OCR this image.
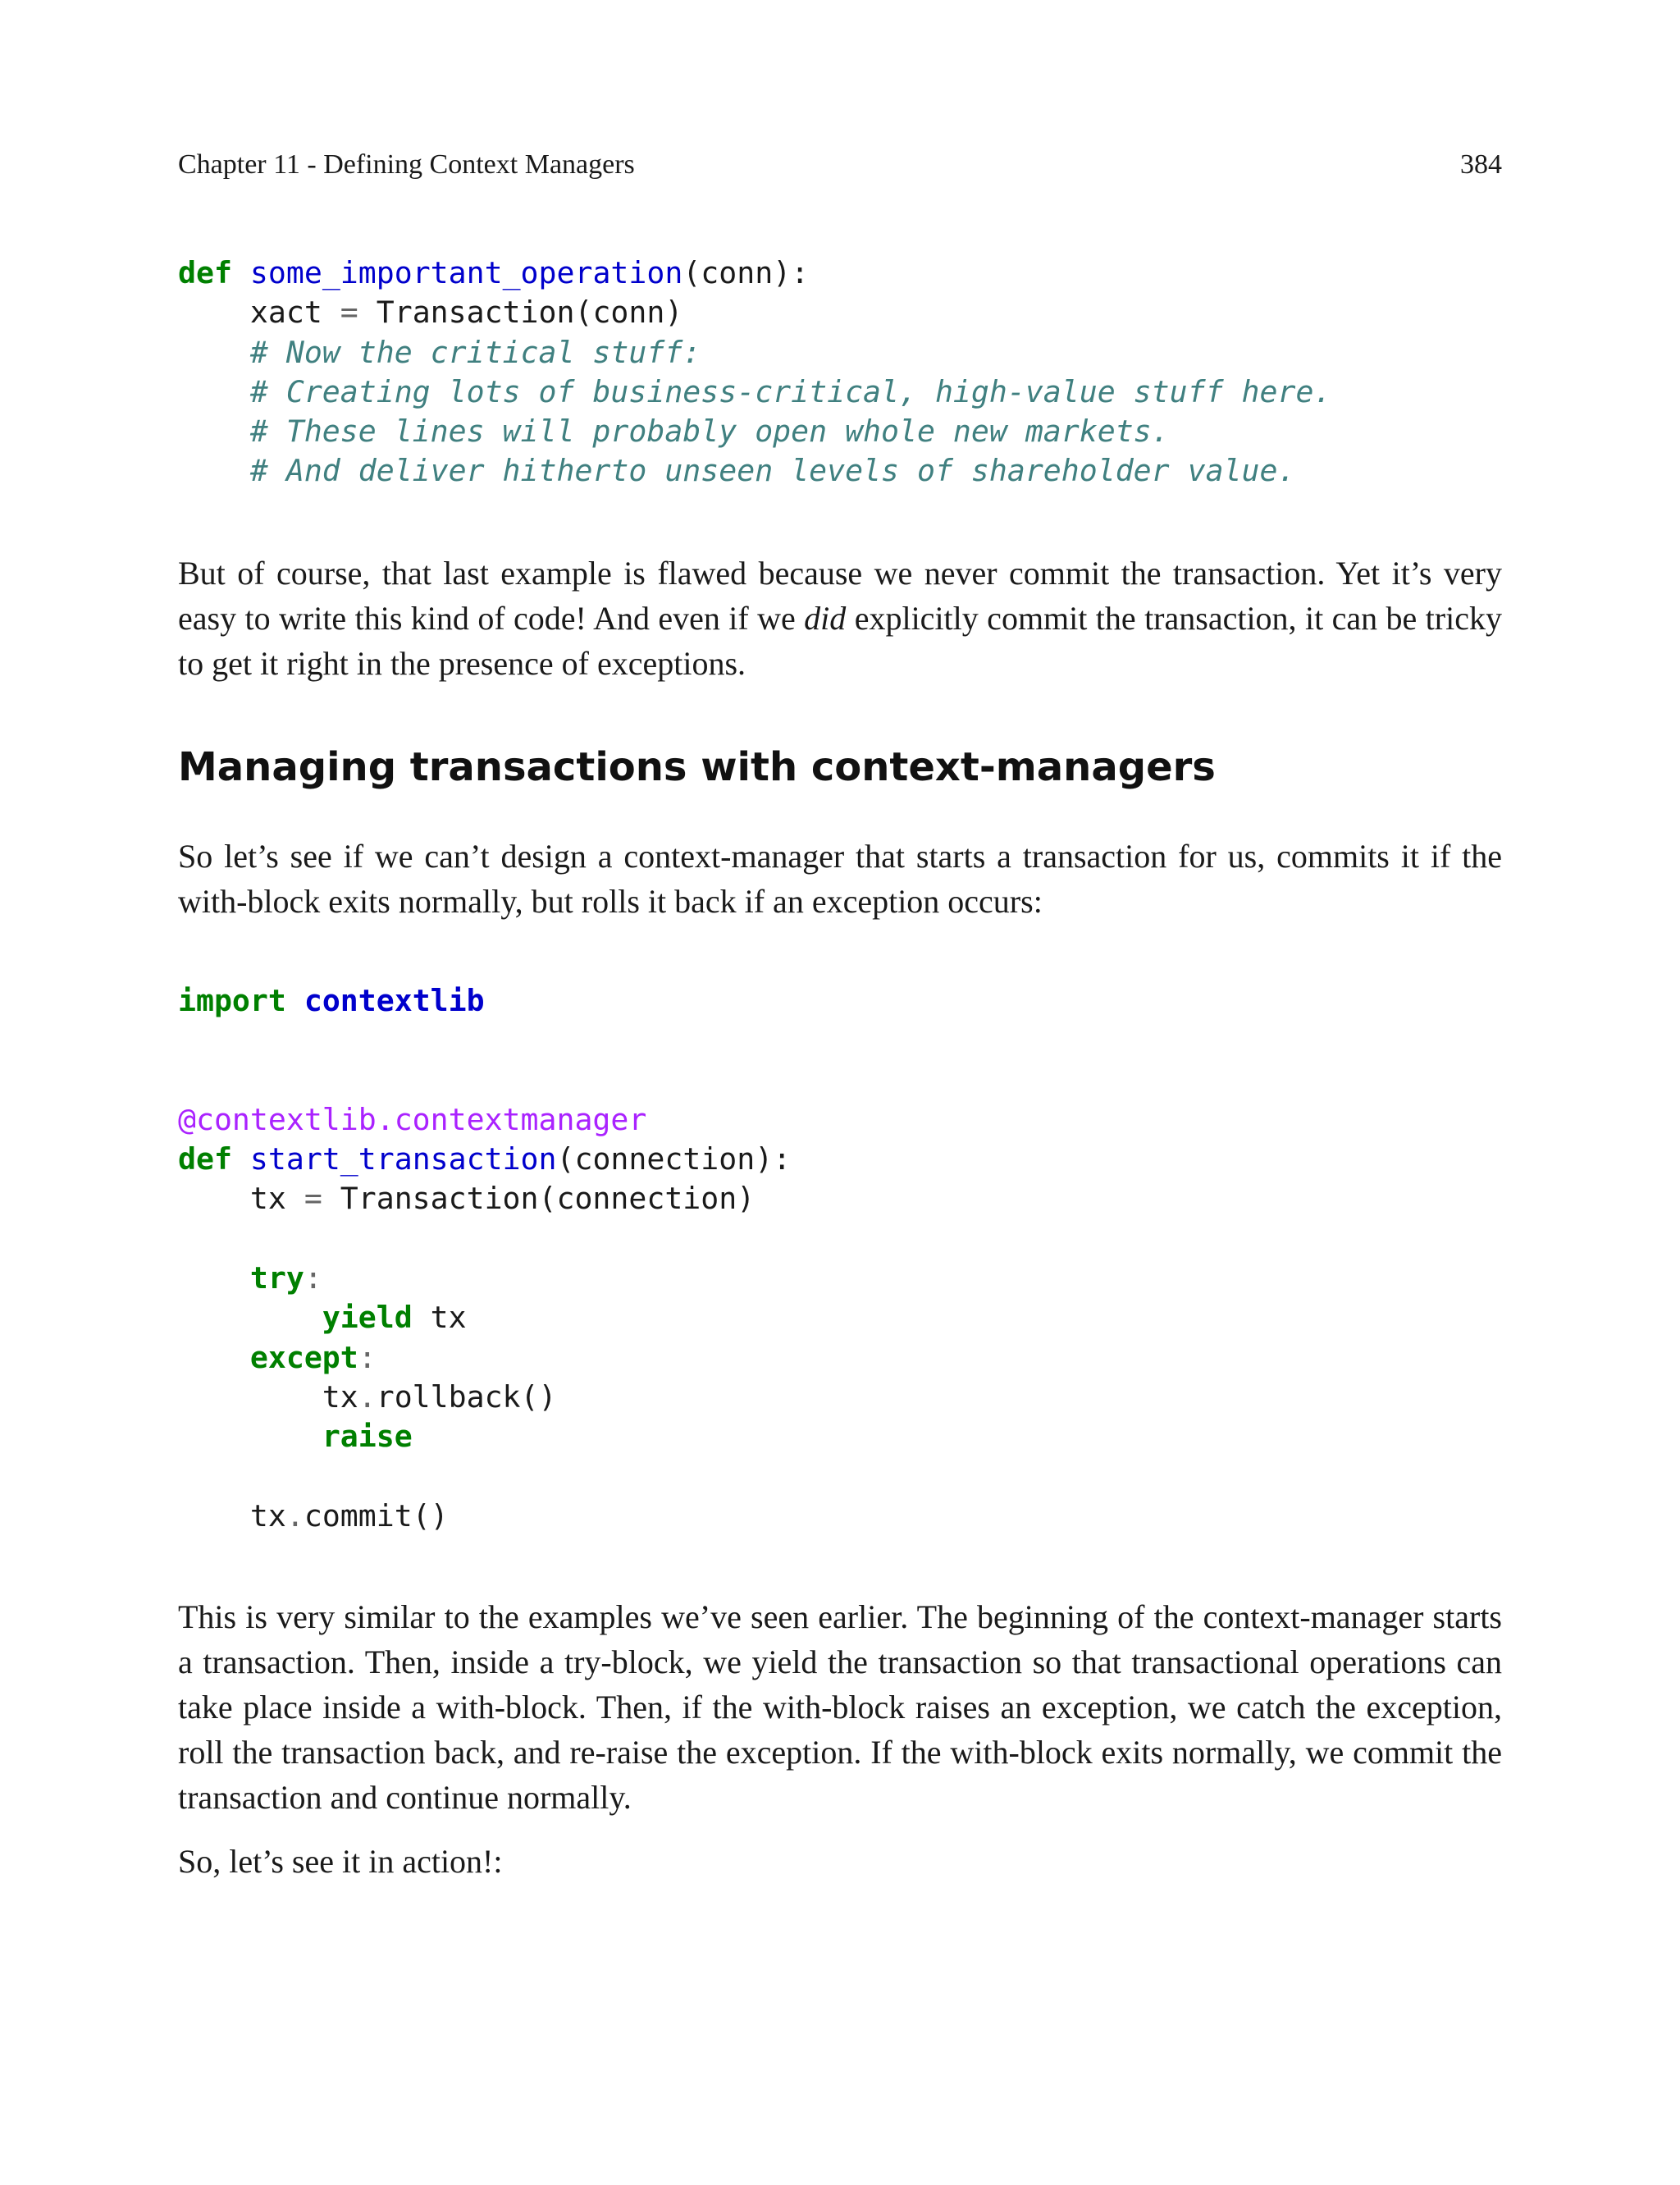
Chapter 11 - Defining Context Managers	384
def some_important_operation(conn):
xact = Transaction(conn)
# Now the critical stuff:
# Creating lots of business-critical, high-value stuff here.
# These lines will probably open whole new markets.
# And deliver hitherto unseen levels of shareholder value.

But of course, that last example is flawed because we never commit the transaction. Yet it’s very easy to write this kind of code! And even if we did explicitly commit the transaction, it can be tricky to get it right in the presence of exceptions.

Managing transactions with context-managers

So let’s see if we can’t design a context-manager that starts a transaction for us, commits it if the with-block exits normally, but rolls it back if an exception occurs:

import contextlib
@contextlib.contextmanager
def start_transaction(connection):
tx = Transaction(connection)
try:
yield tx
except:
tx.rollback()
raise
tx.commit()

This is very similar to the examples we’ve seen earlier. The beginning of the context-manager starts a transaction. Then, inside a try-block, we yield the transaction so that transactional operations can take place inside a with-block. Then, if the with-block raises an exception, we catch the exception, roll the transaction back, and re-raise the exception. If the with-block exits normally, we commit the transaction and continue normally.

So, let’s see it in action!:
